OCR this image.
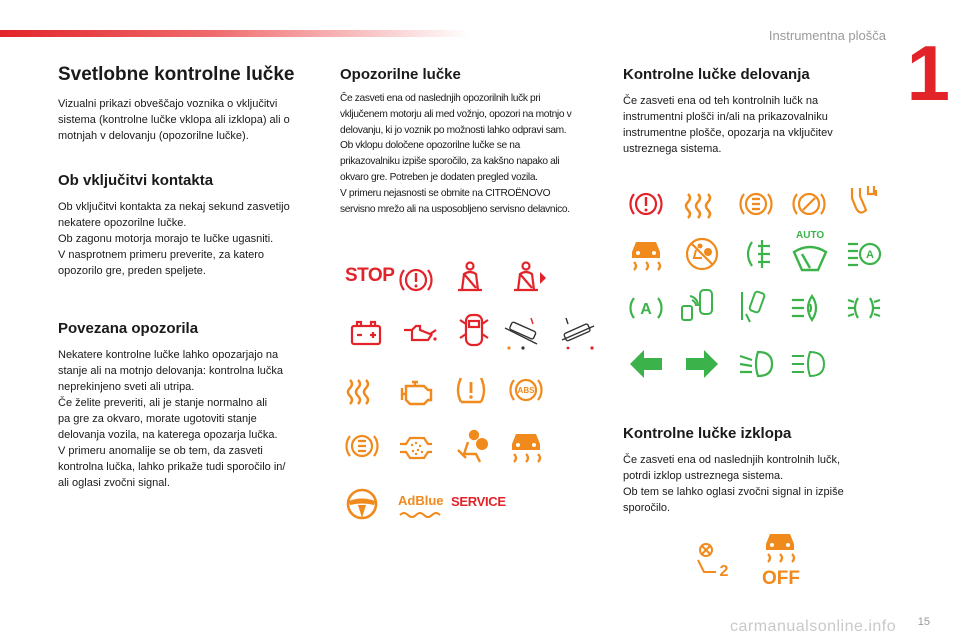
Instrumentna plošča 1
Svetlobne kontrolne lučke

Vizualni prikazi obveščajo voznika o vključitvi
sistema (kontrolne lučke vklopa ali izklopa) ali o
motnjah v delovanju (opozorilne lučke).

Ob vključitvi kontakta

Ob vključitvi kontakta za nekaj sekund zasvetijo
nekatere opozorilne lučke.
Ob zagonu motorja morajo te lučke ugasniti.
V nasprotnem primeru preverite, za katero
opozorilo gre, preden speljete.

Povezana opozorila

Nekatere kontrolne lučke lahko opozarjajo na
stanje ali na motnjo delovanja: kontrolna lučka
neprekinjeno sveti ali utripa.
Če želite preveriti, ali je stanje normalno ali
pa gre za okvaro, morate ugotoviti stanje
delovanja vozila, na katerega opozarja lučka.
V primeru anomalije se ob tem, da zasveti
kontrolna lučka, lahko prikaže tudi sporočilo in/
ali oglasi zvočni signal.

Opozorilne lučke

Če zasveti ena od naslednjih opozorilnih lučk pri
vključenem motorju ali med vožnjo, opozori na motnjo v
delovanju, ki jo voznik po možnosti lahko odpravi sam.
Ob vklopu določene opozorilne lučke se na
prikazovalniku izpiše sporočilo, za kakšno napako ali
okvaro gre. Potreben je dodaten pregled vozila.
V primeru nejasnosti se obrnite na CITROËNOVO
servisno mrežo ali na usposobljeno servisno delavnico.

Kontrolne lučke delovanja

Če zasveti ena od teh kontrolnih lučk na
instrumentni plošči in/ali na prikazovalniku
instrumentne plošče, opozarja na vključitev
ustreznega sistema.

Kontrolne lučke izklopa

Če zasveti ena od naslednjih kontrolnih lučk,
potrdi izklop ustreznega sistema.
Ob tem se lahko oglasi zvočni signal in izpiše
sporočilo.

STOP
ABS
AdBlue SERVICE
AUTO
A
A
2 OFF
15
carmanualsonline.info
